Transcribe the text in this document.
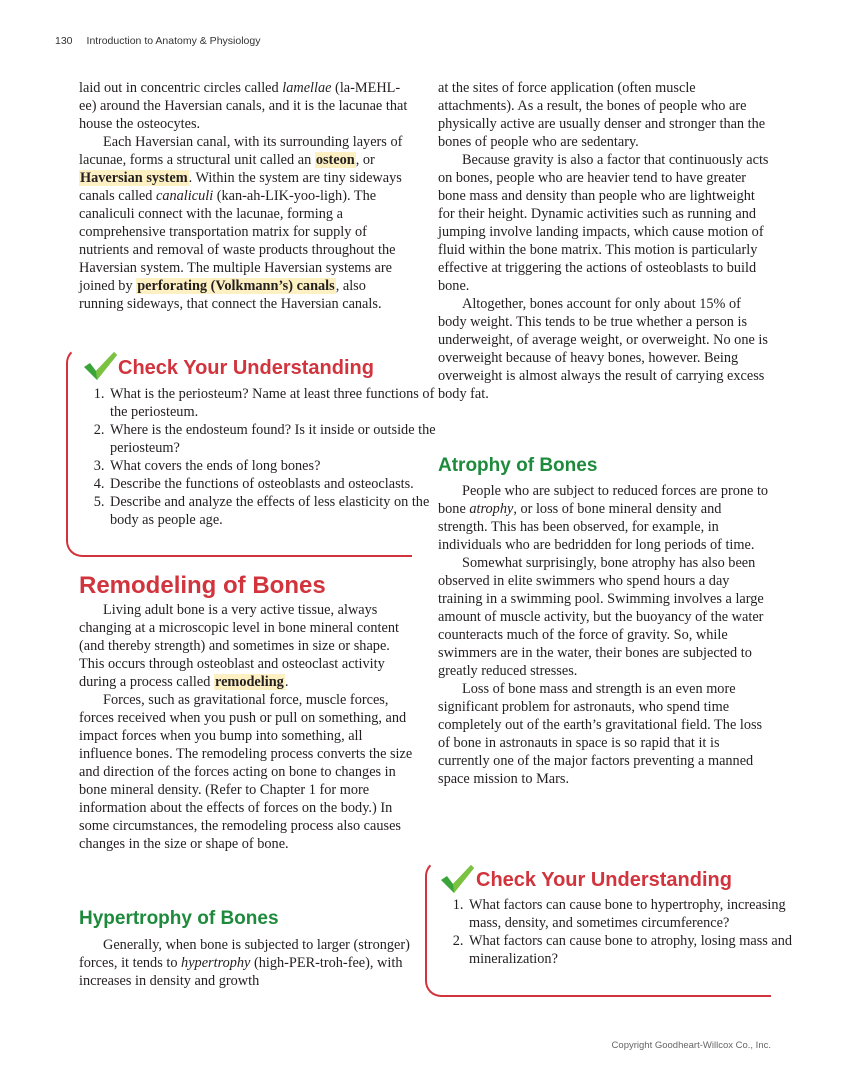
130 Introduction to Anatomy & Physiology

laid out in concentric circles called lamellae (la-MEHL-ee) around the Haversian canals, and it is the lacunae that house the osteocytes.

Each Haversian canal, with its surrounding layers of lacunae, forms a structural unit called an osteon, or Haversian system. Within the system are tiny sideways canals called canaliculi (kan-ah-LIK-yoo-ligh). The canaliculi connect with the lacunae, forming a comprehensive transportation matrix for supply of nutrients and removal of waste products throughout the Haversian system. The multiple Haversian systems are joined by perforating (Volkmann’s) canals, also running sideways, that connect the Haversian canals.

Check Your Understanding
1. What is the periosteum? Name at least three functions of the periosteum.
2. Where is the endosteum found? Is it inside or outside the periosteum?
3. What covers the ends of long bones?
4. Describe the functions of osteoblasts and osteoclasts.
5. Describe and analyze the effects of less elasticity on the body as people age.
Remodeling of Bones

Living adult bone is a very active tissue, always changing at a microscopic level in bone mineral content (and thereby strength) and sometimes in size or shape. This occurs through osteoblast and osteoclast activity during a process called remodeling.

Forces, such as gravitational force, muscle forces, forces received when you push or pull on something, and impact forces when you bump into something, all influence bones. The remodeling process converts the size and direction of the forces acting on bone to changes in bone mineral density. (Refer to Chapter 1 for more information about the effects of forces on the body.) In some circumstances, the remodeling process also causes changes in the size or shape of bone.

Hypertrophy of Bones

Generally, when bone is subjected to larger (stronger) forces, it tends to hypertrophy (high-PER-troh-fee), with increases in density and growth

at the sites of force application (often muscle attachments). As a result, the bones of people who are physically active are usually denser and stronger than the bones of people who are sedentary.

Because gravity is also a factor that continuously acts on bones, people who are heavier tend to have greater bone mass and density than people who are lightweight for their height. Dynamic activities such as running and jumping involve landing impacts, which cause motion of fluid within the bone matrix. This motion is particularly effective at triggering the actions of osteoblasts to build bone.

Altogether, bones account for only about 15% of body weight. This tends to be true whether a person is underweight, of average weight, or overweight. No one is overweight because of heavy bones, however. Being overweight is almost always the result of carrying excess body fat.

Atrophy of Bones

People who are subject to reduced forces are prone to bone atrophy, or loss of bone mineral density and strength. This has been observed, for example, in individuals who are bedridden for long periods of time.

Somewhat surprisingly, bone atrophy has also been observed in elite swimmers who spend hours a day training in a swimming pool. Swimming involves a large amount of muscle activity, but the buoyancy of the water counteracts much of the force of gravity. So, while swimmers are in the water, their bones are subjected to greatly reduced stresses.

Loss of bone mass and strength is an even more significant problem for astronauts, who spend time completely out of the earth’s gravitational field. The loss of bone in astronauts in space is so rapid that it is currently one of the major factors preventing a manned space mission to Mars.

Check Your Understanding
1. What factors can cause bone to hypertrophy, increasing mass, density, and sometimes circumference?
2. What factors can cause bone to atrophy, losing mass and mineralization?
Copyright Goodheart-Willcox Co., Inc.
